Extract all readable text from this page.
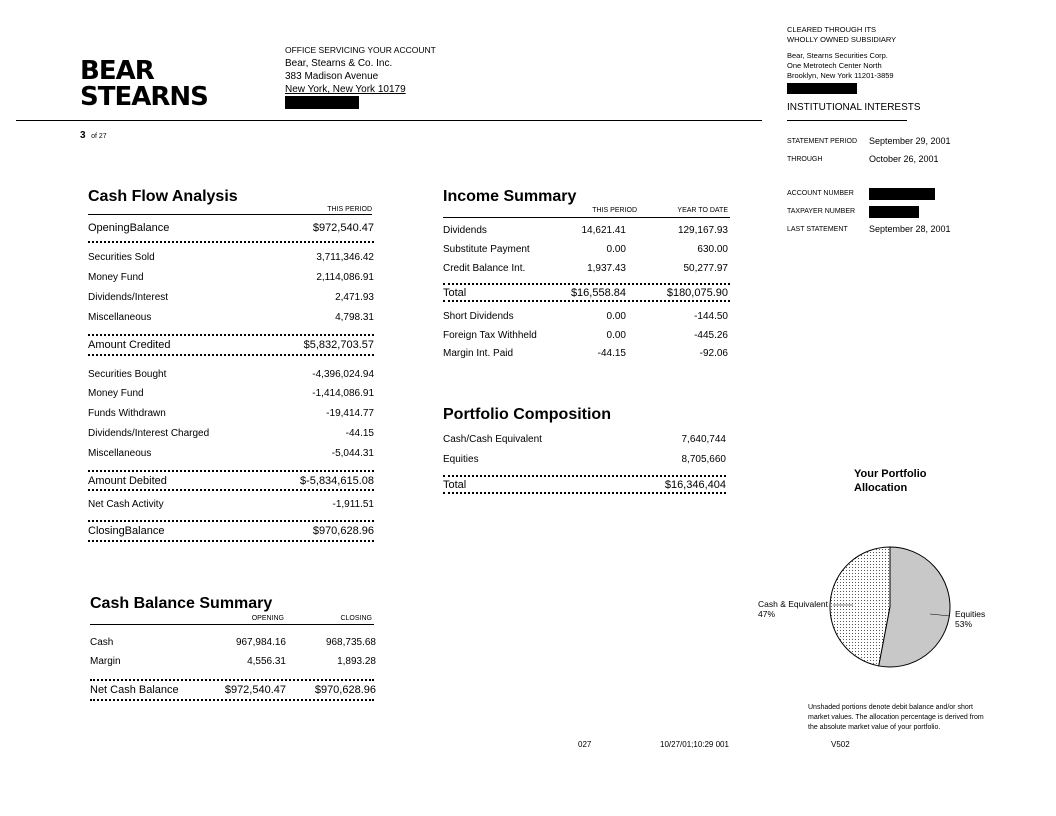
BEAR
STEARNS
OFFICE SERVICING YOUR ACCOUNT
Bear, Stearns & Co. Inc.
383 Madison Avenue
New York, New York 10179
CLEARED THROUGH ITS
WHOLLY OWNED SUBSIDIARY
Bear, Stearns Securities Corp.
One Metrotech Center North
Brooklyn, New York 11201-3859
INSTITUTIONAL INTERESTS
3 of 27
STATEMENT PERIOD	September 29, 2001
THROUGH	October 26, 2001

ACCOUNT NUMBER	
TAXPAYER NUMBER	
LAST STATEMENT	September 28, 2001
Cash Flow Analysis
THIS PERIOD
OpeningBalance	$972,540.47
Securities Sold	3,711,346.42
Money Fund	2,114,086.91
Dividends/Interest	2,471.93
Miscellaneous	4,798.31
Amount Credited	$5,832,703.57
Securities Bought	-4,396,024.94
Money Fund	-1,414,086.91
Funds Withdrawn	-19,414.77
Dividends/Interest Charged	-44.15
Miscellaneous	-5,044.31
Amount Debited	$-5,834,615.08
Net Cash Activity	-1,911.51
ClosingBalance	$970,628.96
Cash Balance Summary
OPENING	CLOSING
Cash	967,984.16	968,735.68
Margin	4,556.31	1,893.28
Net Cash Balance	$972,540.47	$970,628.96
Income Summary
THIS PERIOD	YEAR TO DATE
Dividends	14,621.41	129,167.93
Substitute Payment	0.00	630.00
Credit Balance Int.	1,937.43	50,277.97
Total	$16,558.84	$180,075.90
Short Dividends	0.00	-144.50
Foreign Tax Withheld	0.00	-445.26
Margin Int. Paid	-44.15	-92.06
Portfolio Composition
Cash/Cash Equivalent	7,640,744
Equities	8,705,660
Total	$16,346,404
Your Portfolio
Allocation
Cash & Equivalent
47%	Equities
53%
Unshaded portions denote debit balance and/or short market values. The allocation percentage is derived from the absolute market value of your portfolio.
027	10/27/01;10:29 001	V502
